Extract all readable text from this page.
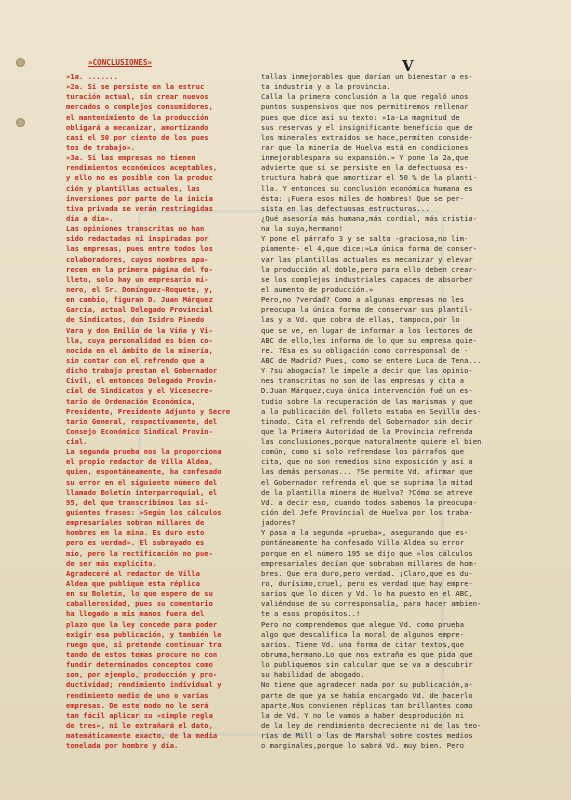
V
»CONCLUSIONES»
»1a. .......
»2a. Si se persiste en la estruc
turación actual, sin crear nuevos
mercados o complejos consumidores,
el mantenimiento de la producción
obligará a mecanizar, amortizando
casi el 50 por ciento de los pues
tos de trabajo».
»3a. Si las empresas no tienen
rendimientos económicos aceptables,
y ello no es posible con la produc
ción y plantillas actuales, las
inversiones por parte de la inicia
tiva privada se verán restringidas
día a día».
Las opiniones transcritas no han
sido redactadas ni inspiradas por
las empresas, pues entre todos los
colaboradores, cuyos nombres apa-
recen en la primera página del fo-
lleto, solo hay un empresario mi-
nero, el Sr. Domínguez-Roquete, y,
en cambio, figuran D. Juan Márquez
García, actual Delegado Provincial
de Sindicatos, don Isidro Pinedo
Vara y don Emilio de la Viña y Vi-
lla, cuya personalidad es bien co-
nocida en el ámbito de la minería,
sin contar con el refrendo que a
dicho trabajo prestan el Gobernador
Civil, el entonces Delegado Provin-
cial de Sindicatos y el Vicesecre-
tario de Ordenación Económica,
Presidente, Presidente Adjunto y Secre
tario General, respectivamente, del
Consejo Económico Sindical Provin-
cial.
La segunda prueba nos la proporciona
el propio redactor de Villa Aldea,
quien, espontáneamente, ha confesado
su error en el siguiente número del
llamado Boletín interparroquial, el
95, del que transcribimos las si-
guientes frases: »Según los cálculos
empresariales sobran millares de
hombres en la mina. Es duro esto
pero es verdad». El subrayado es
mío, pero la rectificación no pue-
de ser más explícita.
Agradeceré al redactor de Villa
Aldea que publique esta réplica
en su Boletín, lo que espero de su
caballerosidad, pues su comentario
ha llegado a mis manos fuera del
plazo que la ley concede para poder
exigir esa publicación, y también le
ruego que, si pretende continuar tra
tando de estos temas procure no con
fundir determinados conceptos como
son, por ejemplo, producción y pro-
ductividad; rendimiento individual y
rendimiento medio de uno o varias
empresas. De este modo no le será
tan fácil aplicar su »simple regla
de tres», ni le extrañará el dato,
matemáticamente exacto, de la media
tonelada por hombre y día.
tallas inmejorables que darían un bienestar a es-
ta industria y a la provincia.
Calla la primera conclusión a la que regaló unos
puntos suspensivos que nos permitiremos rellenar
pues que dice así su texto: »1a-La magnitud de
sus reservas y el insignificante beneficio que de
los minerales extraídos se hace,permiten conside-
rar que la minería de Huelva está en condiciones
inmejorablespara su expansión.» Y pone la 2a,que
advierte que si se persiste en la defectuosa es-
tructura habrá que amortizar el 50 % de la planti-
lla. Y entonces su conclusión económica humana es
ésta: ¡Fuera esos miles de hombres! Que se per-
sista en las defectuosas estructuras...
¿Qué asesoría más humana,más cordial, más cristia-
na la suya,hermano!
Y pone el párrafo 3 y se salta -graciosa,no lim-
piamente- el 4,que dice:»La única forma de conser-
var las plantillas actuales es mecanizar y elevar
la producción al doble,pero para ello deben crear-
se los complejos industriales capaces de absorber
el aumento de producción.»
Pero,no ?verdad? Como a algunas empresas no les
preocupa la única forma de conservar sus plantil-
las y a Vd. que cobra de ellas, tampoco,por lo
que se ve, en lugar de informar a los lectores de
ABC de ello,les informa de lo que su empresa quie-
re. ?Esa es su obligación como corresponsal de -
ABC de Madrid? Pues, como se entere Luca de Tena...
Y ?su abogacía? le impele a decir que las opinio-
nes transcritas no son de las empresas y cita a
D.Juan Márquez,cuya única intervención fué un es-
tudio sobre la recuperación de las marismas y que
a la publicación del folleto estaba en Sevilla des-
tinado. Cita el refrendo del Gobernador sin decir
que la Primera Autoridad de la Provincia refrenda
las conclusiones,porque naturalmente quiere el bien
común, como si solo refrendase los párrafos que
cita, que no son remedios sino exposición y así a
las demás personas... ?Se permite Vd. afirmar que
el Gobernador refrenda el que se suprima la mitad
de la plantilla minera de Huelva? ?Cómo se atreve
Vd. a decir eso, cuando todos sabemos la preocupa-
ción del Jefe Provincial de Huelva por los traba-
jadores?
Y pasa a la segunda »prueba», asegurando que es-
pontáneamente ha confesado Villa Aldea su error
porque en el número 195 se dijo que »los cálculos
empresariales decían que sobraban millares de hom-
bres. Que era duro,pero verdad. ¡Claro,que es du-
ro, durísimo,cruel, pero es verdad que hay empre-
sarios que lo dicen y Vd. lo ha puesto en el ABC,
valiéndose de su corresponsalía, para hacer ambien-
te a esos propósitos..!
Pero no comprendemos que alegue Vd. como prueba
algo que descalifica la moral de algunos empre-
sarios. Tiene Vd. una forma de citar textos,que
obruma,hermano.Lo que nos extraña es que pida que
lo publiquemos sin calcular que se va a descubrir
su habilidad de abogado.
No tiene que agradecer nada por su publicación,a-
parte de que ya se había encargado Vd. de hacerlo
aparte.Nos convienen réplicas tan brillantes como
la de Vd. Y no le vamos a haber desprodución ni
de la ley de rendimiento decreciente ni de las teo-
rías de Mill o las de Marshal sobre costes medios
o marginales,porque lo sabrá Vd. muy bien. Pero
